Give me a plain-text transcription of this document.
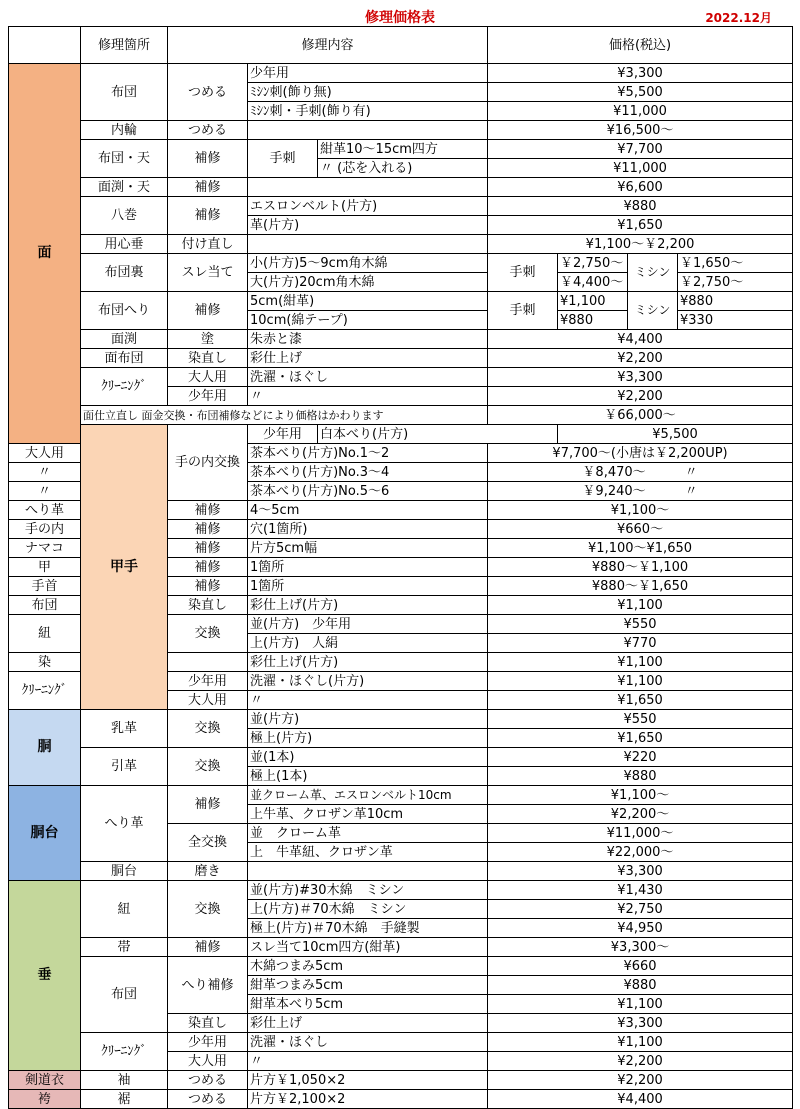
修理価格表	2022.12月
	修理箇所	修理内容			価格(税込)			
面	布団	つめる	少年用		¥3,300			
			ﾐｼﾝ刺(飾り無)		¥5,500			
			ﾐｼﾝ刺・手刺(飾り有)		¥11,000			
	内輪	つめる			¥16,500〜			
	布団・天	補修	手刺	紺革10〜15cm四方	¥7,700			
				〃 (芯を入れる)	¥11,000			
	面渕・天	補修			¥6,600			
	八巻	補修	エスロンベルト(片方)		¥880			
			革(片方)		¥1,650			
	用心垂	付け直し			¥1,100〜￥2,200			
	布団裏	スレ当て	小(片方)5〜9cm角木綿		手刺	￥2,750〜	ミシン	￥1,650〜
			大(片方)20cm角木綿			￥4,400〜		￥2,750〜
	布団へり	補修	5cm(紺革)		手刺	¥1,100	ミシン	¥880
			10cm(綿テープ)			¥880		¥330
	面渕	塗	朱赤と漆		¥4,400			
	面布団	染直し	彩仕上げ		¥2,200			
	ｸﾘｰﾆﾝｸﾞ	大人用	洗濯・ほぐし		¥3,300			
		少年用	〃		¥2,200			
	面仕立直し 面金交換・布団補修などにより価格はかわります				￥66,000〜			
	甲手	手の内交換	少年用	白本べり(片方)		¥5,500		
大人用			茶本べり(片方)No.1〜2		¥7,700〜(小唐は￥2,200UP)			
〃			茶本べり(片方)No.3〜4		￥8,470〜　　　〃			
〃			茶本べり(片方)No.5〜6		￥9,240〜　　　〃			
へり革		補修	4〜5cm		¥1,100〜			
手の内		補修	穴(1箇所)		¥660〜			
ナマコ		補修	片方5cm幅		¥1,100〜¥1,650			
甲		補修	1箇所		¥880〜￥1,100			
手首		補修	1箇所		¥880〜￥1,650			
布団		染直し	彩仕上げ(片方)		¥1,100			
紐		交換	並(片方)　少年用		¥550			
			上(片方)　人絹		¥770			
染			彩仕上げ(片方)		¥1,100			
ｸﾘｰﾆﾝｸﾞ		少年用	洗濯・ほぐし(片方)		¥1,100			
		大人用	〃		¥1,650			
胴	乳革	交換	並(片方)		¥550			
			極上(片方)		¥1,650			
	引革	交換	並(1本)		¥220			
			極上(1本)		¥880			
胴台	へり革	補修	並クローム革、エスロンベルト10cm		¥1,100〜			
			上牛革、クロザン革10cm		¥2,200〜			
		全交換	並　クローム革		¥11,000〜			
			上　牛革紐、クロザン革		¥22,000〜			
	胴台	磨き			¥3,300			
垂	紐	交換	並(片方)#30木綿　ミシン		¥1,430			
			上(片方)＃70木綿　ミシン		¥2,750			
			極上(片方)＃70木綿　手縫製		¥4,950			
	帯	補修	スレ当て10cm四方(紺革)		¥3,300〜			
	布団	へり補修	木綿つまみ5cm		¥660			
			紺革つまみ5cm		¥880			
			紺革本べり5cm		¥1,100			
		染直し	彩仕上げ		¥3,300			
	ｸﾘｰﾆﾝｸﾞ	少年用	洗濯・ほぐし		¥1,100			
		大人用	〃		¥2,200			
剣道衣	袖	つめる	片方￥1,050×2		¥2,200			
袴	裾	つめる	片方￥2,100×2		¥4,400			
